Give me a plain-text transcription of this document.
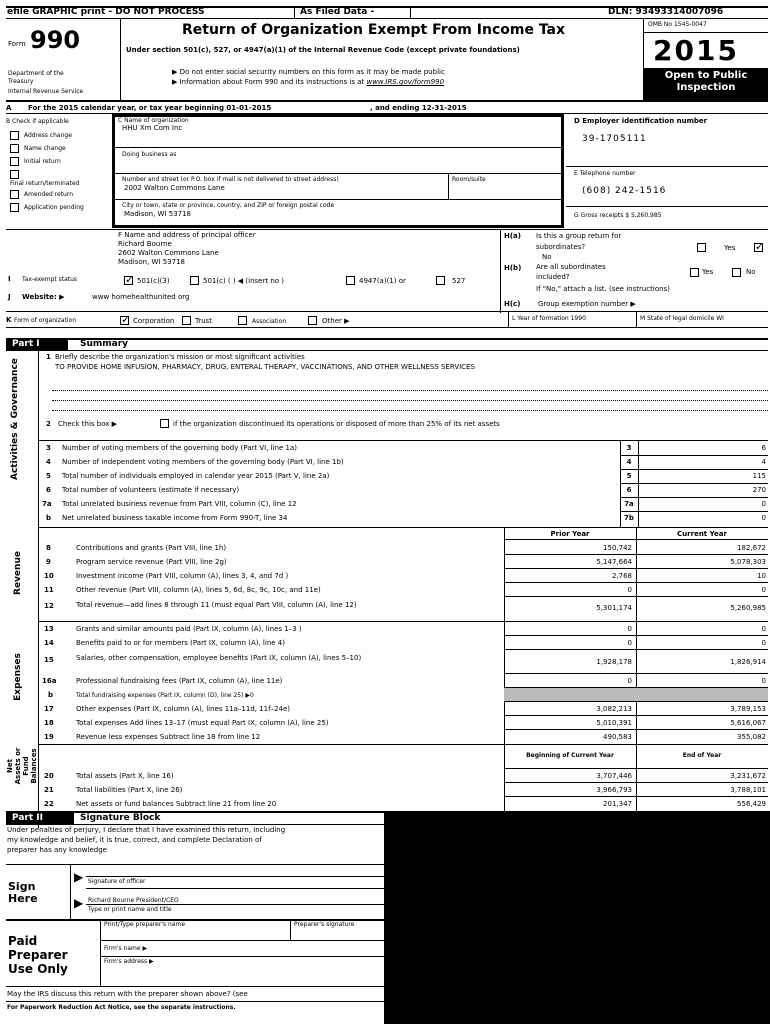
efile GRAPHIC print - DO NOT PROCESS	As Filed Data -	DLN: 93493314007096
Form 990
Department of the
Treasury
Internal Revenue Service
Return of Organization Exempt From Income Tax
Under section 501(c), 527, or 4947(a)(1) of the Internal Revenue Code (except private foundations)
▶ Do not enter social security numbers on this form as it may be made public
▶ Information about Form 990 and its instructions is at www.IRS.gov/form990
OMB No 1545-0047
2015
Open to Public
Inspection
A For the 2015 calendar year, or tax year beginning 01-01-2015	, and ending 12-31-2015
B Check if applicable
Address change
Name change
Initial return
Final return/terminated
Amended return
Application pending
C Name of organization
HHU Xm Com Inc
Doing business as
Number and street (or P.O. box if mail is not delivered to street address)	Room/suite
2002 Walton Commons Lane
City or town, state or province, country, and ZIP or foreign postal code
Madison, WI 53718
D Employer identification number
39-1705111
E Telephone number
(608) 242-1516
G Gross receipts $ 5,260,985
F Name and address of principal officer
Richard Bourne
2602 Walton Commons Lane
Madison, WI 53718
H(a) Is this a group return for
subordinates?	Yes
✓
No
H(b) Are all subordinates
included?
Yes	No
If "No," attach a list. (see instructions)
I Tax-exempt status ✓	501(c)(3)	501(c) ( ) ◀ (insert no )	4947(a)(1) or	527
J Website: ▶	www homehealthunited org
H(c)	Group exemption number ▶
K Form of organization ✓	Corporation	Trust	Association	Other ▶	L Year of formation 1990	M State of legal domicile WI
Part I	Summary
Activities & Governance
Revenue
Expenses
Net Assets or Fund Balances
1 Briefly describe the organization's mission or most significant activities
TO PROVIDE HOME INFUSION, PHARMACY, DRUG, ENTERAL THERAPY, VACCINATIONS, AND OTHER WELLNESS SERVICES
2 Check this box ▶	if the organization discontinued its operations or disposed of more than 25% of its net assets
3 Number of voting members of the governing body (Part VI, line 1a)	3	6
4 Number of independent voting members of the governing body (Part VI, line 1b)	4	4
5 Total number of individuals employed in calendar year 2015 (Part V, line 2a)	5	115
6 Total number of volunteers (estimate if necessary)	6	270
7a Total unrelated business revenue from Part VIII, column (C), line 12	7a	0
b Net unrelated business taxable income from Form 990-T, line 34	7b	0
Prior Year	Current Year
8	Contributions and grants (Part VIII, line 1h)	150,742	182,672
9	Program service revenue (Part VIII, line 2g)	5,147,664	5,078,303
10	Investment income (Part VIII, column (A), lines 3, 4, and 7d )	2,768	10
11	Other revenue (Part VIII, column (A), lines 5, 6d, 8c, 9c, 10c, and 11e)	0	0
12	Total revenue—add lines 8 through 11 (must equal Part VIII, column (A), line 12)	5,301,174	5,260,985
13	Grants and similar amounts paid (Part IX, column (A), lines 1–3 )	0	0
14	Benefits paid to or for members (Part IX, column (A), line 4)	0	0
15	Salaries, other compensation, employee benefits (Part IX, column (A), lines 5–10)	1,928,178	1,826,914
16a	Professional fundraising fees (Part IX, column (A), line 11e)	0	0
b	Total fundraising expenses (Part IX, column (D), line 25) ▶0
17	Other expenses (Part IX, column (A), lines 11a–11d, 11f–24e)	3,082,213	3,789,153
18	Total expenses Add lines 13–17 (must equal Part IX, column (A), line 25)	5,010,391	5,616,067
19	Revenue less expenses Subtract line 18 from line 12	490,583	355,082
Beginning of Current Year	End of Year
20	Total assets (Part X, line 16)	3,707,446	3,231,672
21	Total liabilities (Part X, line 26)	3,966,793	3,788,101
22	Net assets or fund balances Subtract line 21 from line 20	201,347	556,429
Part II	Signature Block
Under penalties of perjury, I declare that I have examined this return, including
my knowledge and belief, it is true, correct, and complete Declaration of
preparer has any knowledge
Sign
Here
▶ Signature of officer
▶ Richard Bourne President/CEO
Type or print name and title
Paid
Preparer
Use Only
Print/Type preparer's name	Preparer's signature
Firm's name ▶
Firm's address ▶
May the IRS discuss this return with the preparer shown above? (see
For Paperwork Reduction Act Notice, see the separate instructions.
